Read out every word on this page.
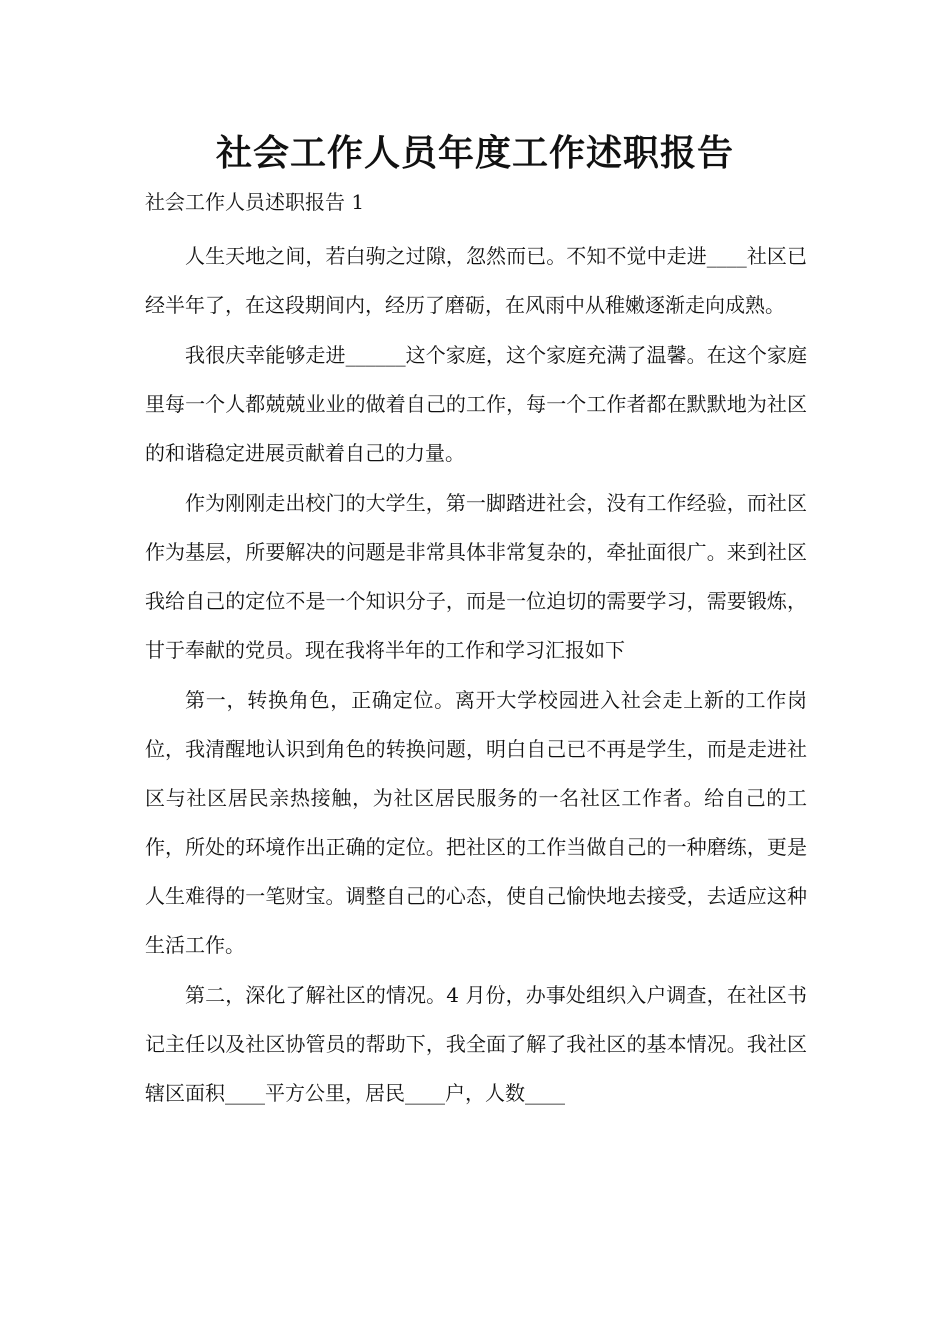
社会工作人员年度工作述职报告

社会工作人员述职报告 1

人生天地之间，若白驹之过隙，忽然而已。不知不觉中走进____社区已经半年了，在这段期间内，经历了磨砺，在风雨中从稚嫩逐渐走向成熟。

我很庆幸能够走进______这个家庭，这个家庭充满了温馨。在这个家庭里每一个人都兢兢业业的做着自己的工作，每一个工作者都在默默地为社区的和谐稳定进展贡献着自己的力量。

作为刚刚走出校门的大学生，第一脚踏进社会，没有工作经验，而社区作为基层，所要解决的问题是非常具体非常复杂的，牵扯面很广。来到社区我给自己的定位不是一个知识分子，而是一位迫切的需要学习，需要锻炼，甘于奉献的党员。现在我将半年的工作和学习汇报如下

第一，转换角色，正确定位。离开大学校园进入社会走上新的工作岗位，我清醒地认识到角色的转换问题，明白自己已不再是学生，而是走进社区与社区居民亲热接触，为社区居民服务的一名社区工作者。给自己的工作，所处的环境作出正确的定位。把社区的工作当做自己的一种磨练，更是人生难得的一笔财宝。调整自己的心态，使自己愉快地去接受，去适应这种生活工作。

第二，深化了解社区的情况。4 月份，办事处组织入户调查，在社区书记主任以及社区协管员的帮助下，我全面了解了我社区的基本情况。我社区辖区面积____平方公里，居民____户，人数____
